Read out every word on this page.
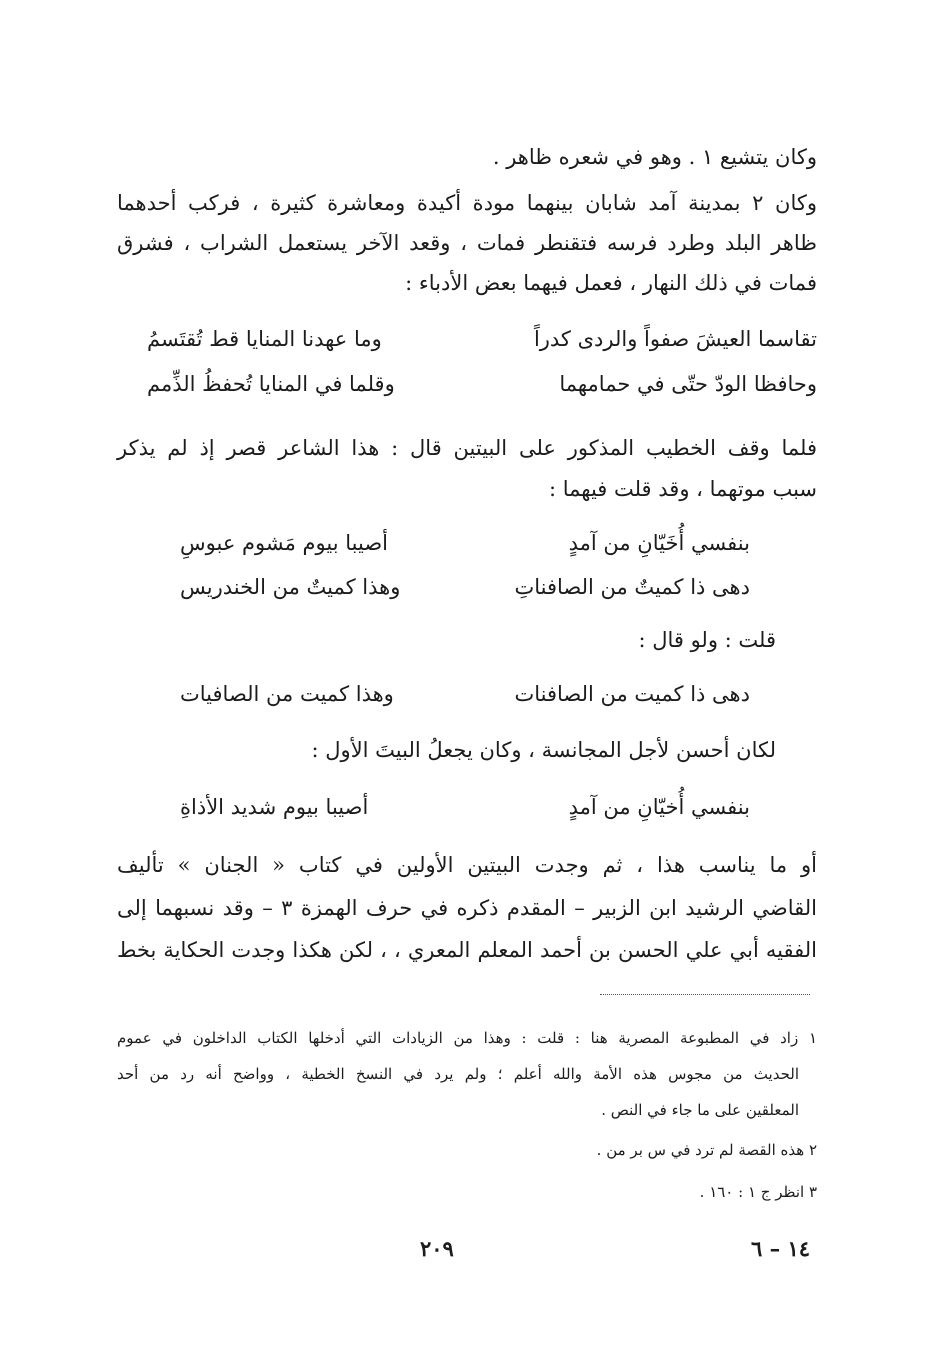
وكان يتشيع ١ . وهو في شعره ظاهر .
وكان ٢ بمدينة آمد شابان بينهما مودة أكيدة ومعاشرة كثيرة ، فركب أحدهما
ظاهر البلد وطرد فرسه فتقنطر فمات ، وقعد الآخر يستعمل الشراب ، فشرق
فمات في ذلك النهار ، فعمل فيهما بعض الأدباء :
تقاسما العيشَ صفواً والردى كدراً
وما عهدنا المنايا قط تُقتَسمُ
وحافظا الودّ حتّى في حمامهما
وقلما في المنايا تُحفظُ الذِّمم
فلما وقف الخطيب المذكور على البيتين قال : هذا الشاعر قصر إذ لم يذكر
سبب موتهما ، وقد قلت فيهما :
بنفسي أُخَيّانِ من آمدٍ
أصيبا بيوم مَشوم عبوسِ
دهى ذا كميتٌ من الصافناتِ
وهذا كميتٌ من الخندريس
قلت : ولو قال :
دهى ذا كميت من الصافنات
وهذا كميت من الصافيات
لكان أحسن لأجل المجانسة ، وكان يجعلُ البيتَ الأول :
بنفسي أُخيّانِ من آمدٍ
أصيبا بيوم شديد الأذاةِ
أو ما يناسب هذا ، ثم وجدت البيتين الأولين في كتاب « الجنان » تأليف
القاضي الرشيد ابن الزبير – المقدم ذكره في حرف الهمزة ٣ – وقد نسبهما إلى
الفقيه أبي علي الحسن بن أحمد المعلم المعري ، ، لكن هكذا وجدت الحكاية بخط
١ زاد في المطبوعة المصرية هنا : قلت : وهذا من الزيادات التي أدخلها الكتاب الداخلون في عموم
الحديث من مجوس هذه الأمة والله أعلم ؛ ولم يرد في النسخ الخطية ، وواضح أنه رد من أحد
المعلقين على ما جاء في النص .
٢ هذه القصة لم ترد في س بر من .
٣ انظر ج ١ : ١٦٠ .
١٤ – ٦
٢٠٩
